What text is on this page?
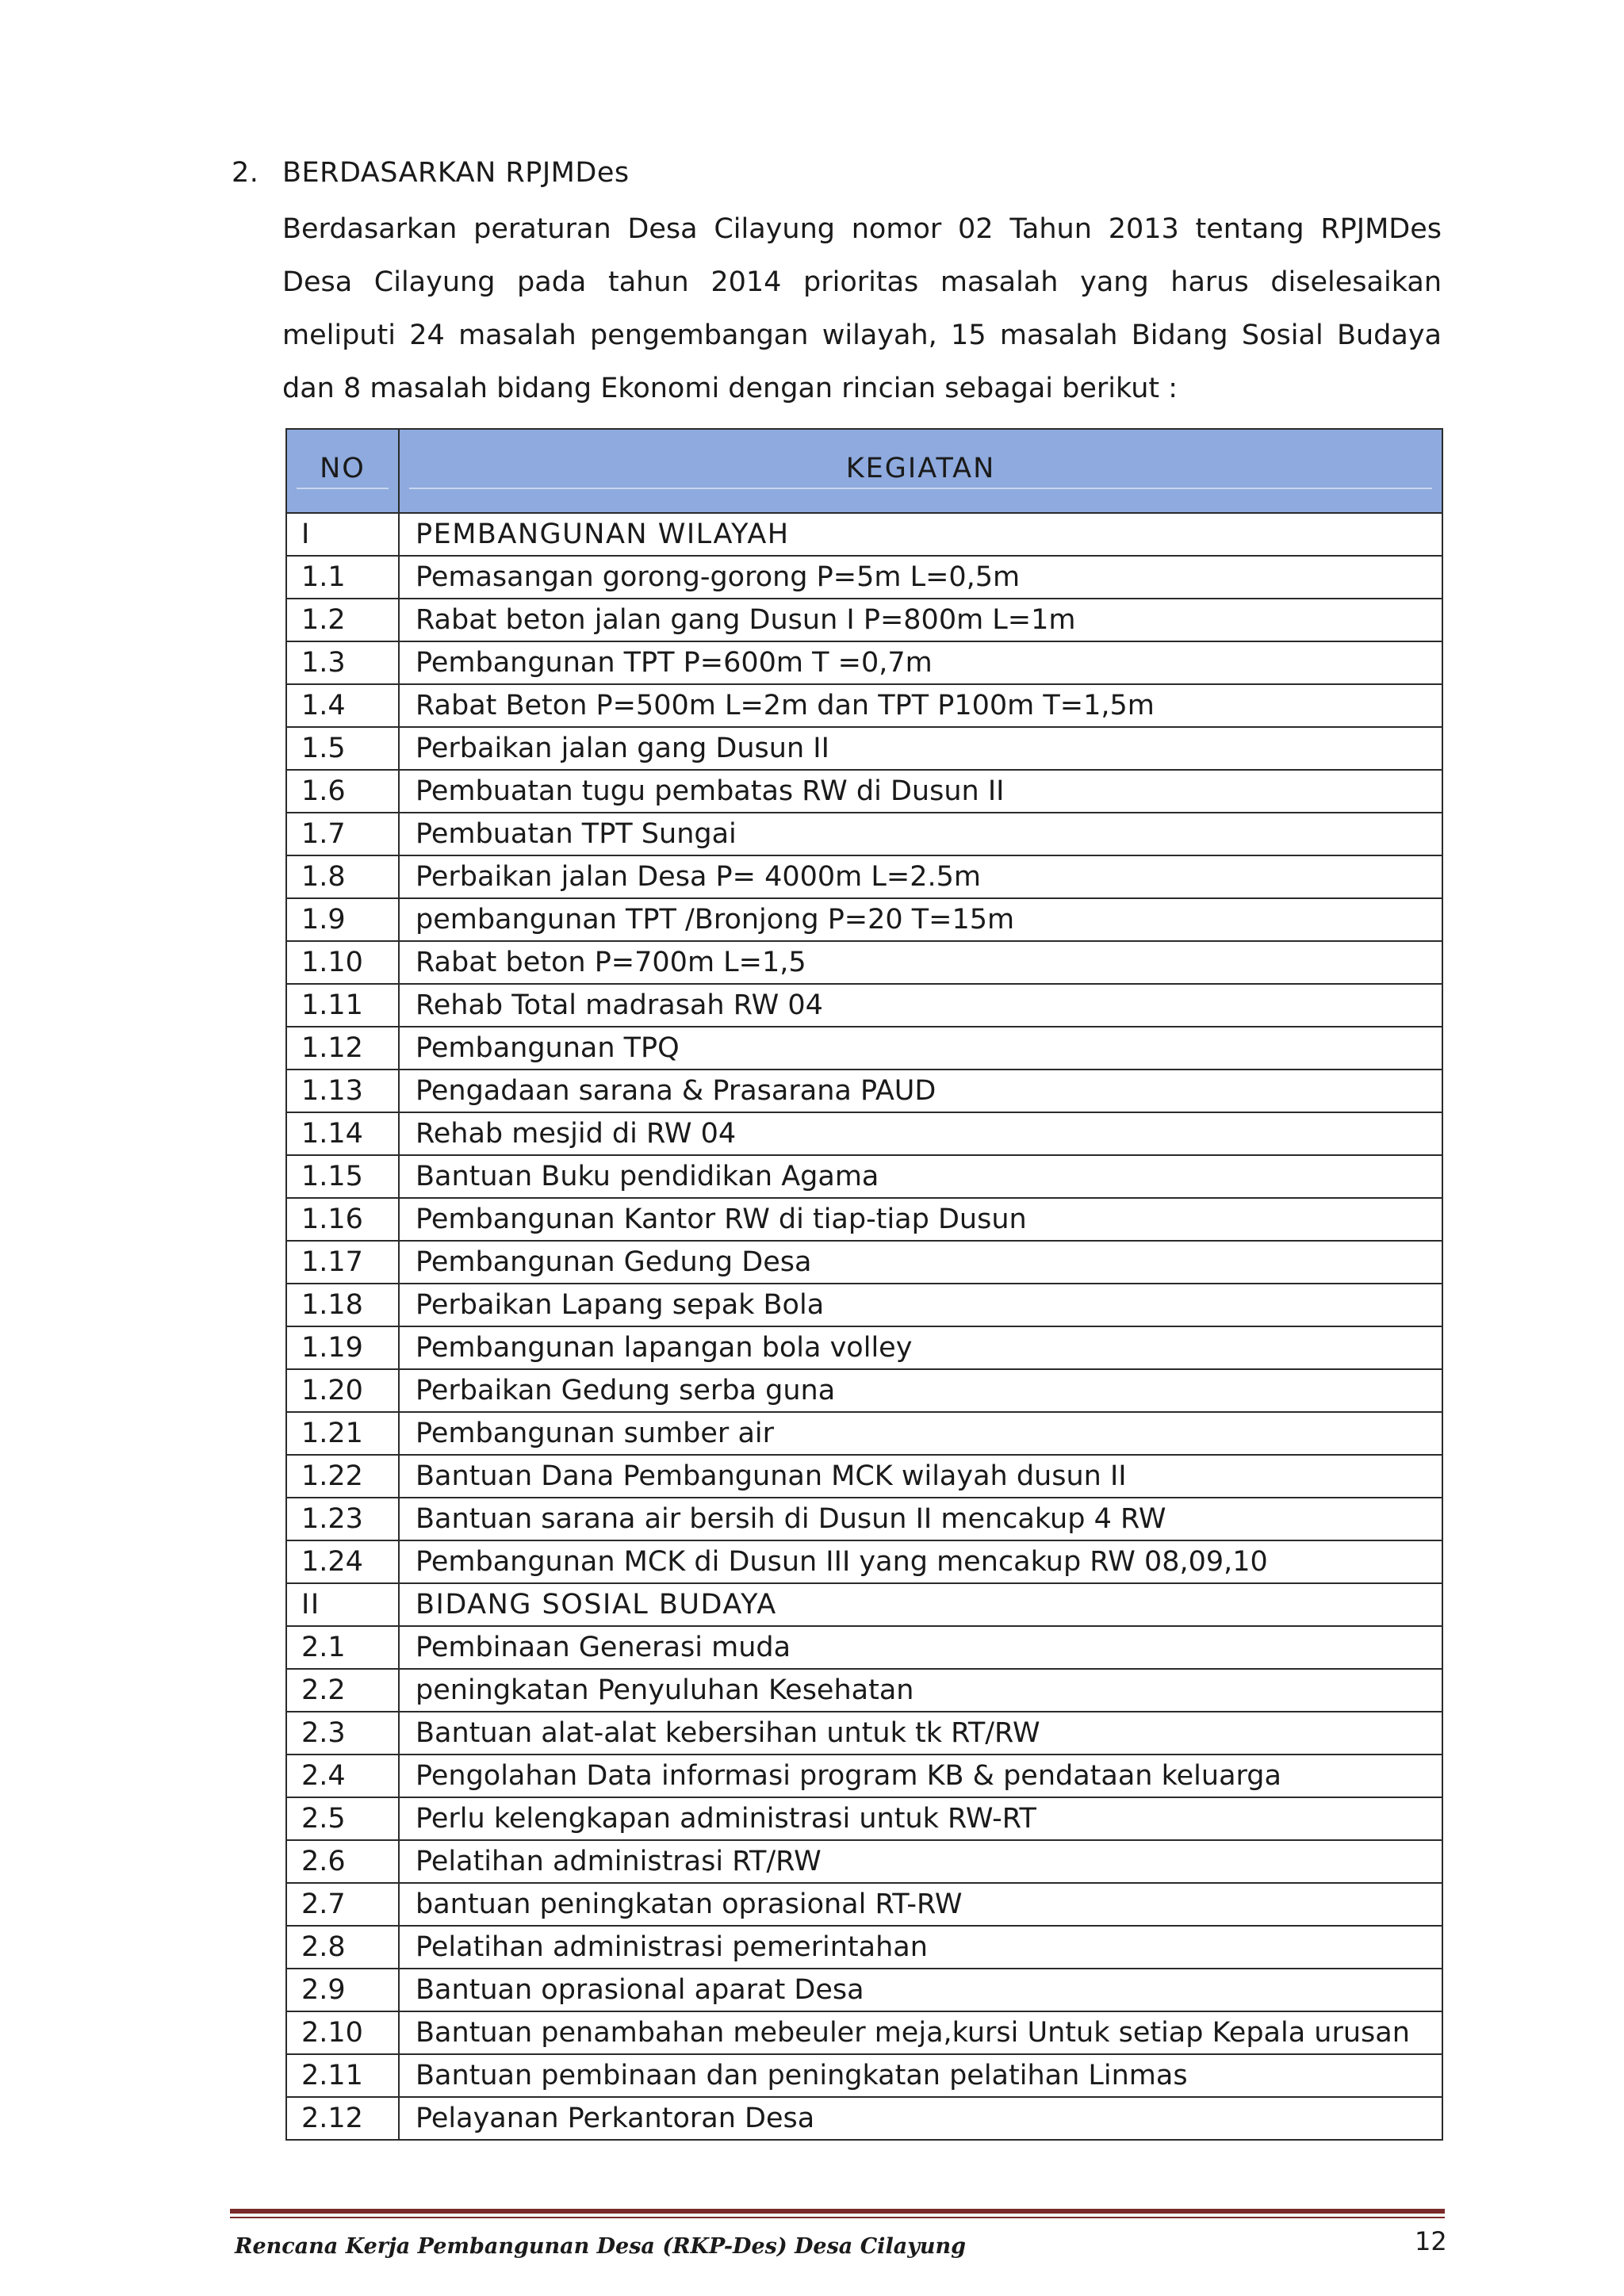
2. BERDASARKAN RPJMDes
Berdasarkan peraturan Desa Cilayung nomor 02 Tahun 2013 tentang RPJMDes Desa Cilayung pada tahun 2014 prioritas masalah yang harus diselesaikan meliputi 24 masalah pengembangan wilayah, 15 masalah Bidang Sosial Budaya dan 8 masalah bidang Ekonomi dengan rincian sebagai berikut :
NO	KEGIATAN

I	PEMBANGUNAN WILAYAH
1.1	Pemasangan gorong-gorong P=5m L=0,5m
1.2	Rabat beton jalan gang Dusun I P=800m L=1m
1.3	Pembangunan TPT P=600m T =0,7m
1.4	Rabat Beton P=500m L=2m dan TPT P100m T=1,5m
1.5	Perbaikan jalan gang Dusun II
1.6	Pembuatan tugu pembatas RW di Dusun II
1.7	Pembuatan TPT Sungai
1.8	Perbaikan jalan Desa P= 4000m L=2.5m
1.9	pembangunan TPT /Bronjong P=20 T=15m
1.10	Rabat beton P=700m L=1,5
1.11	Rehab Total madrasah RW 04
1.12	Pembangunan TPQ
1.13	Pengadaan sarana & Prasarana PAUD
1.14	Rehab mesjid di RW 04
1.15	Bantuan Buku pendidikan Agama
1.16	Pembangunan Kantor RW di tiap-tiap Dusun
1.17	Pembangunan Gedung Desa
1.18	Perbaikan Lapang sepak Bola
1.19	Pembangunan lapangan bola volley
1.20	Perbaikan Gedung serba guna
1.21	Pembangunan sumber air
1.22	Bantuan Dana Pembangunan MCK wilayah dusun II
1.23	Bantuan sarana air bersih di Dusun II mencakup 4 RW
1.24	Pembangunan MCK di Dusun III yang mencakup RW 08,09,10
II	BIDANG SOSIAL BUDAYA
2.1	Pembinaan Generasi muda
2.2	peningkatan Penyuluhan Kesehatan
2.3	Bantuan alat-alat kebersihan untuk tk RT/RW
2.4	Pengolahan Data informasi program KB & pendataan keluarga
2.5	Perlu kelengkapan administrasi untuk RW-RT
2.6	Pelatihan administrasi RT/RW
2.7	bantuan peningkatan oprasional RT-RW
2.8	Pelatihan administrasi pemerintahan
2.9	Bantuan oprasional aparat Desa
2.10	Bantuan penambahan mebeuler meja,kursi Untuk setiap Kepala urusan
2.11	Bantuan pembinaan dan peningkatan pelatihan Linmas
2.12	Pelayanan Perkantoran Desa
Rencana Kerja Pembangunan Desa (RKP-Des) Desa Cilayung	12
